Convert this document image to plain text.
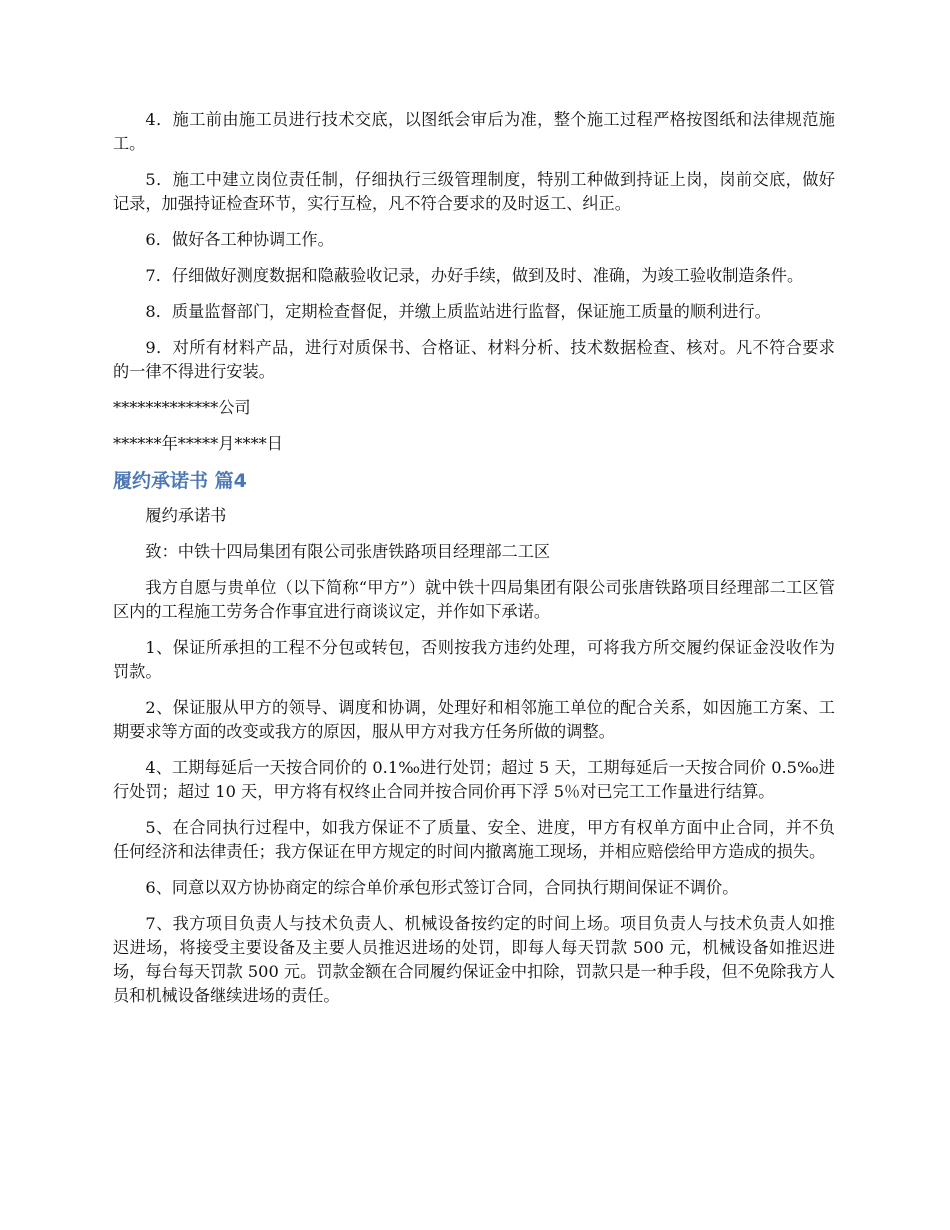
4．施工前由施工员进行技术交底，以图纸会审后为准，整个施工过程严格按图纸和法律规范施工。

5．施工中建立岗位责任制，仔细执行三级管理制度，特别工种做到持证上岗，岗前交底，做好记录，加强持证检查环节，实行互检，凡不符合要求的及时返工、纠正。

6．做好各工种协调工作。

7．仔细做好测度数据和隐蔽验收记录，办好手续，做到及时、准确，为竣工验收制造条件。

8．质量监督部门，定期检查督促，并缴上质监站进行监督，保证施工质量的顺利进行。

9．对所有材料产品，进行对质保书、合格证、材料分析、技术数据检查、核对。凡不符合要求的一律不得进行安装。

*************公司

******年*****月****日

履约承诺书 篇4

履约承诺书

致：中铁十四局集团有限公司张唐铁路项目经理部二工区

我方自愿与贵单位（以下简称“甲方”）就中铁十四局集团有限公司张唐铁路项目经理部二工区管区内的工程施工劳务合作事宜进行商谈议定，并作如下承诺。

1、保证所承担的工程不分包或转包，否则按我方违约处理，可将我方所交履约保证金没收作为罚款。

2、保证服从甲方的领导、调度和协调，处理好和相邻施工单位的配合关系，如因施工方案、工期要求等方面的改变或我方的原因，服从甲方对我方任务所做的调整。

4、工期每延后一天按合同价的 0.1‰进行处罚；超过 5 天，工期每延后一天按合同价 0.5‰进行处罚；超过 10 天，甲方将有权终止合同并按合同价再下浮 5％对已完工工作量进行结算。

5、在合同执行过程中，如我方保证不了质量、安全、进度，甲方有权单方面中止合同，并不负任何经济和法律责任；我方保证在甲方规定的时间内撤离施工现场，并相应赔偿给甲方造成的损失。

6、同意以双方协协商定的综合单价承包形式签订合同，合同执行期间保证不调价。

7、我方项目负责人与技术负责人、机械设备按约定的时间上场。项目负责人与技术负责人如推迟进场，将接受主要设备及主要人员推迟进场的处罚，即每人每天罚款 500 元，机械设备如推迟进场，每台每天罚款 500 元。罚款金额在合同履约保证金中扣除，罚款只是一种手段，但不免除我方人员和机械设备继续进场的责任。
